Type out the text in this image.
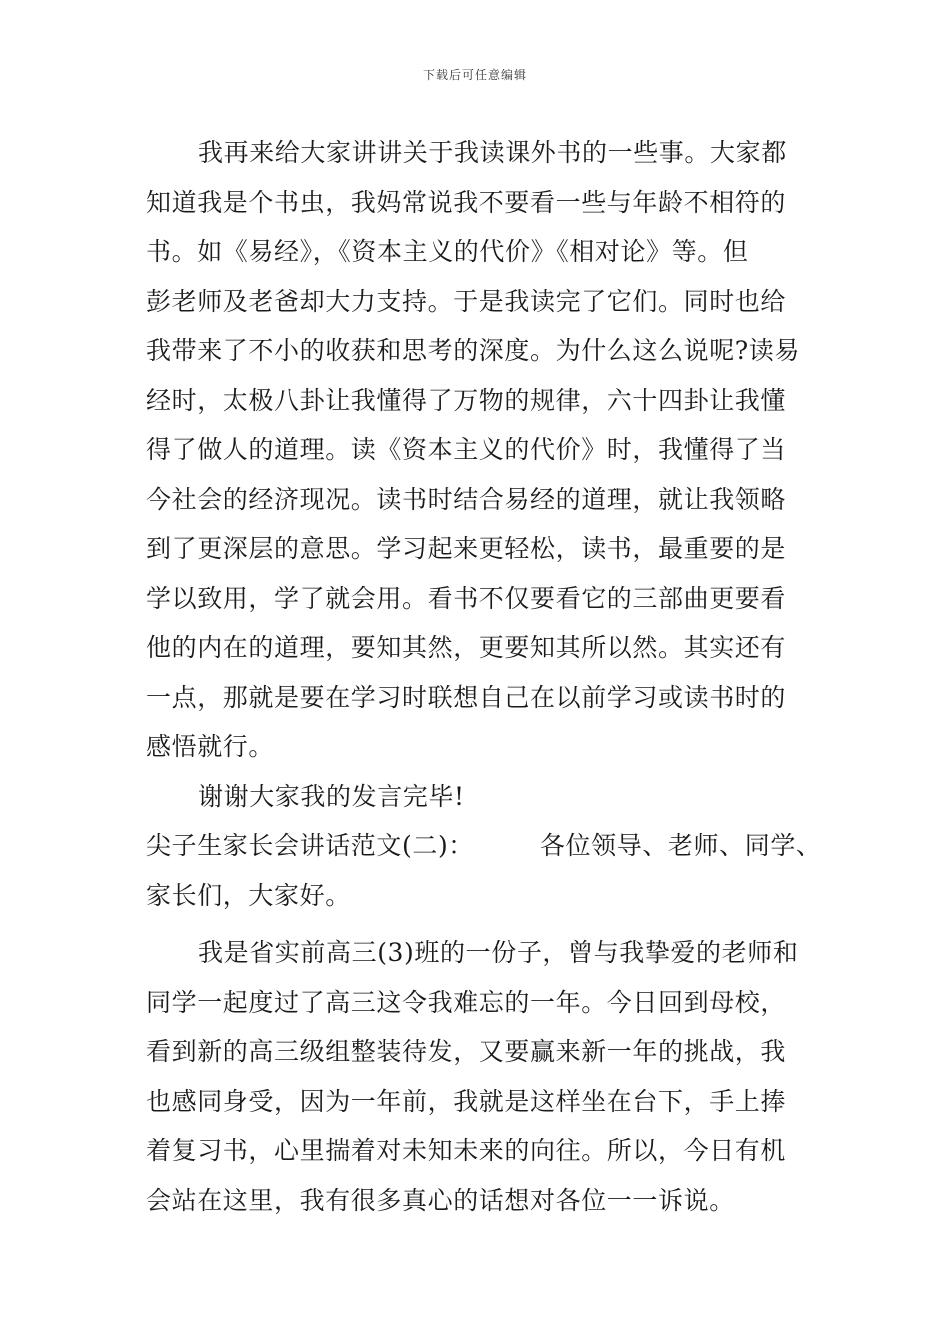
下载后可任意编辑
我再来给大家讲讲关于我读课外书的一些事。大家都
知道我是个书虫，我妈常说我不要看一些与年龄不相符的
书。如《易经》，《资本主义的代价》《相对论》等。但
彭老师及老爸却大力支持。于是我读完了它们。同时也给
我带来了不小的收获和思考的深度。为什么这么说呢?读易
经时，太极八卦让我懂得了万物的规律，六十四卦让我懂
得了做人的道理。读《资本主义的代价》时，我懂得了当
今社会的经济现况。读书时结合易经的道理，就让我领略
到了更深层的意思。学习起来更轻松，读书，最重要的是
学以致用，学了就会用。看书不仅要看它的三部曲更要看
他的内在的道理，要知其然，更要知其所以然。其实还有
一点，那就是要在学习时联想自己在以前学习或读书时的
感悟就行。
谢谢大家我的发言完毕!
尖子生家长会讲话范文(二)：	各位领导、老师、同学、
家长们，大家好。
我是省实前高三(3)班的一份子，曾与我挚爱的老师和
同学一起度过了高三这令我难忘的一年。今日回到母校，
看到新的高三级组整装待发，又要赢来新一年的挑战，我
也感同身受，因为一年前，我就是这样坐在台下，手上捧
着复习书，心里揣着对未知未来的向往。所以，今日有机
会站在这里，我有很多真心的话想对各位一一诉说。
